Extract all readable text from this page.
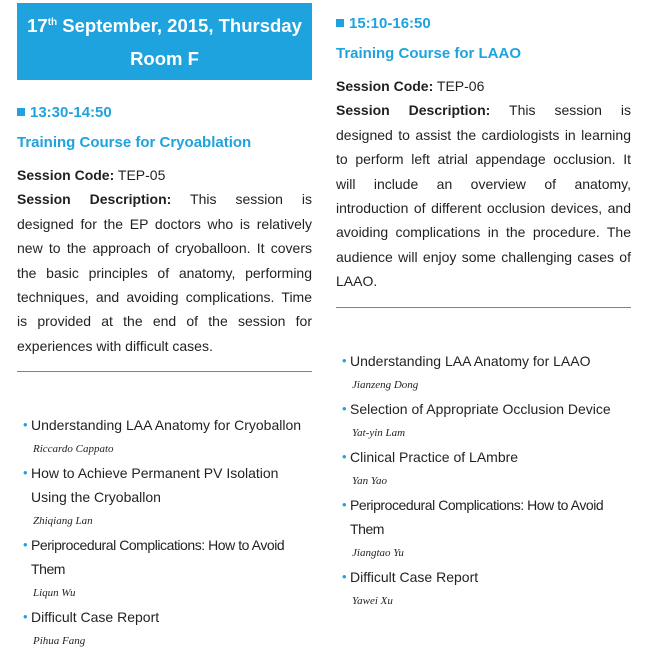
17th September, 2015, Thursday
Room F
13:30-14:50
Training Course for Cryoablation
Session Code: TEP-05
Session Description: This session is designed for the EP doctors who is relatively new to the approach of cryoballoon. It covers the basic principles of anatomy, performing techniques, and avoiding complications. Time is provided at the end of the session for experiences with difficult cases.
• Understanding LAA Anatomy for Cryoballon
Riccardo Cappato
• How to Achieve Permanent PV Isolation Using the Cryoballon
Zhiqiang Lan
• Periprocedural Complications: How to Avoid Them
Liqun Wu
• Difficult Case Report
Pihua Fang
15:10-16:50
Training Course for LAAO
Session Code: TEP-06
Session Description: This session is designed to assist the cardiologists in learning to perform left atrial appendage occlusion. It will include an overview of anatomy, introduction of different occlusion devices, and avoiding complications in the procedure. The audience will enjoy some challenging cases of LAAO.
• Understanding LAA Anatomy for LAAO
Jianzeng Dong
• Selection of Appropriate Occlusion Device
Yat-yin Lam
• Clinical Practice of LAmbre
Yan Yao
• Periprocedural Complications: How to Avoid Them
Jiangtao Yu
• Difficult Case Report
Yawei Xu
